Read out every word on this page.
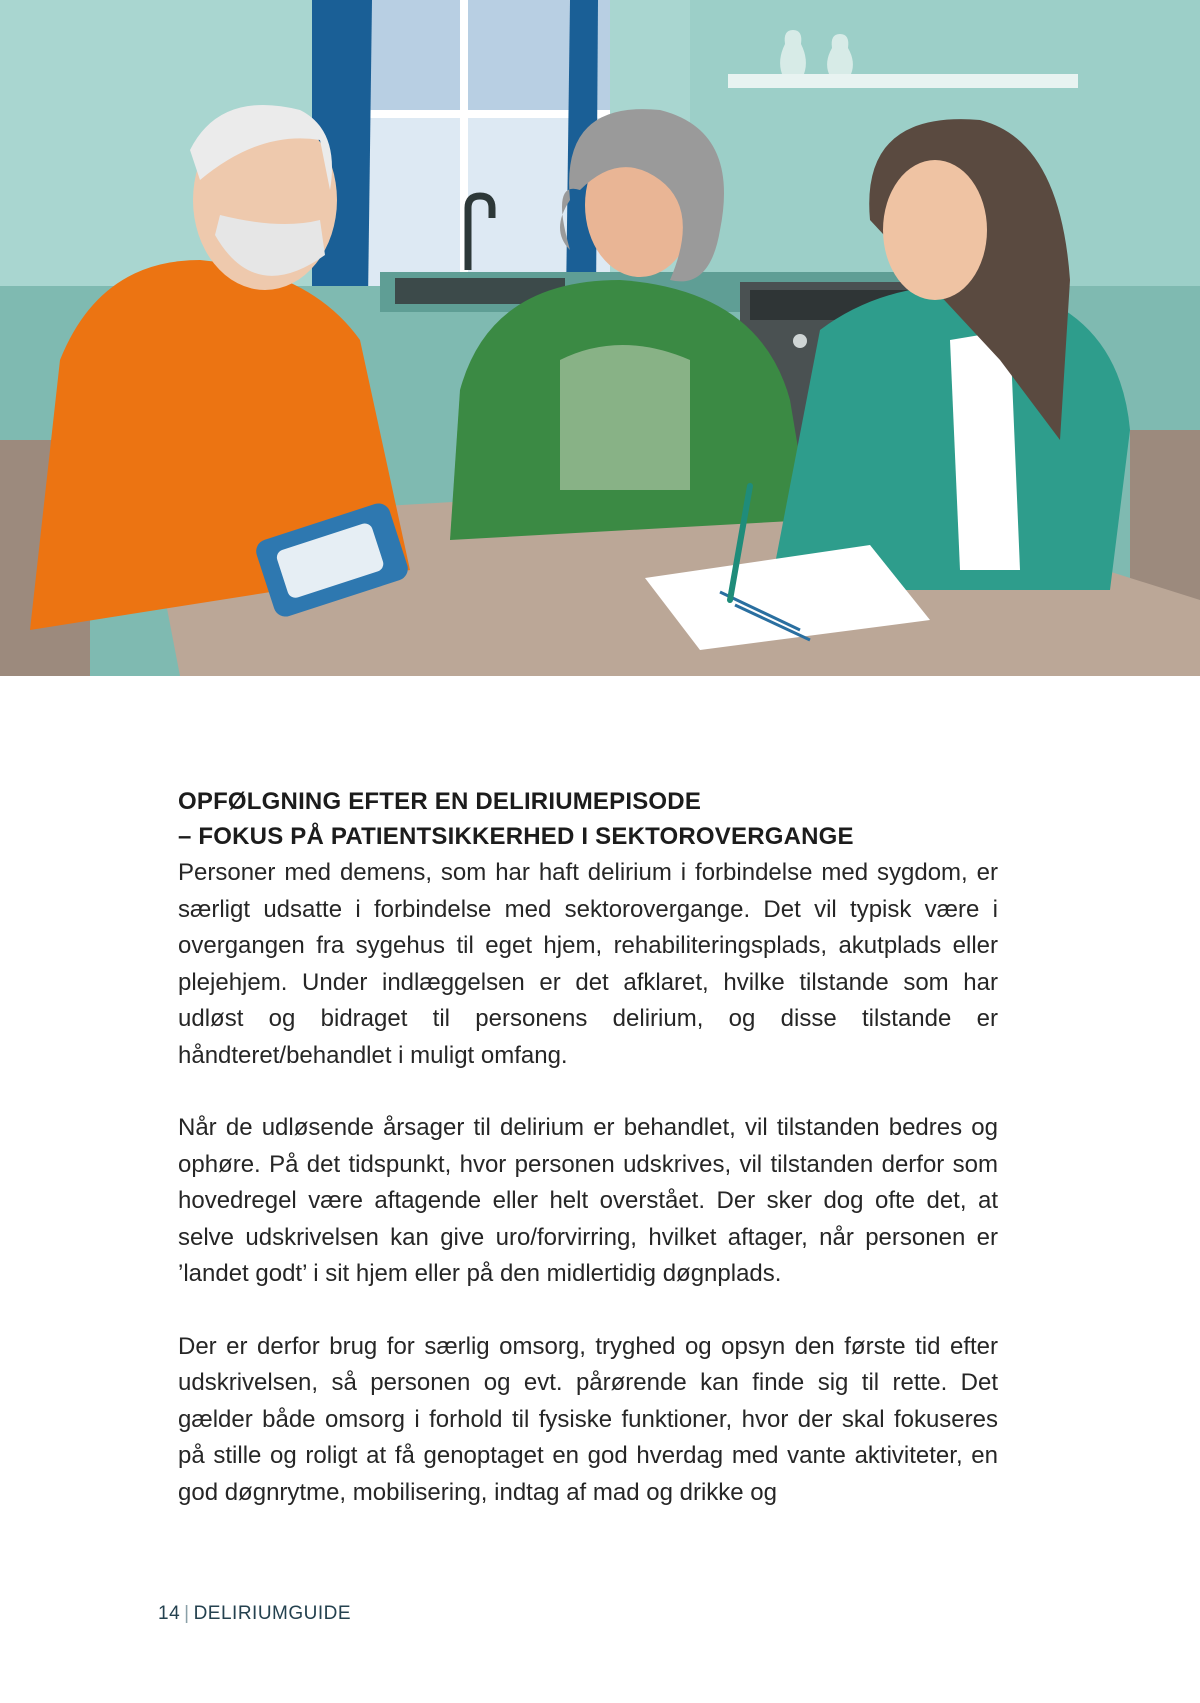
OPFØLGNING EFTER EN DELIRIUMEPISODE
– FOKUS PÅ PATIENTSIKKERHED I SEKTOROVERGANGE

Personer med demens, som har haft delirium i forbindelse med sygdom, er særligt udsatte i forbindelse med sektorovergange. Det vil typisk være i overgangen fra sygehus til eget hjem, rehabiliteringsplads, akutplads eller plejehjem. Under indlæggelsen er det afklaret, hvilke tilstande som har udløst og bidraget til personens delirium, og disse tilstande er håndteret/behandlet i muligt omfang.

Når de udløsende årsager til delirium er behandlet, vil tilstanden bedres og ophøre. På det tidspunkt, hvor personen udskrives, vil tilstanden derfor som hovedregel være aftagende eller helt overstået. Der sker dog ofte det, at selve udskrivelsen kan give uro/forvirring, hvilket aftager, når personen er ’landet godt’ i sit hjem eller på den midlertidig døgnplads.

Der er derfor brug for særlig omsorg, tryghed og opsyn den første tid efter udskrivelsen, så personen og evt. pårørende kan finde sig til rette. Det gælder både omsorg i forhold til fysiske funktioner, hvor der skal fokuseres på stille og roligt at få genoptaget en god hverdag med vante aktiviteter, en god døgnrytme, mobilisering, indtag af mad og drikke og

14 | DELIRIUMGUIDE
